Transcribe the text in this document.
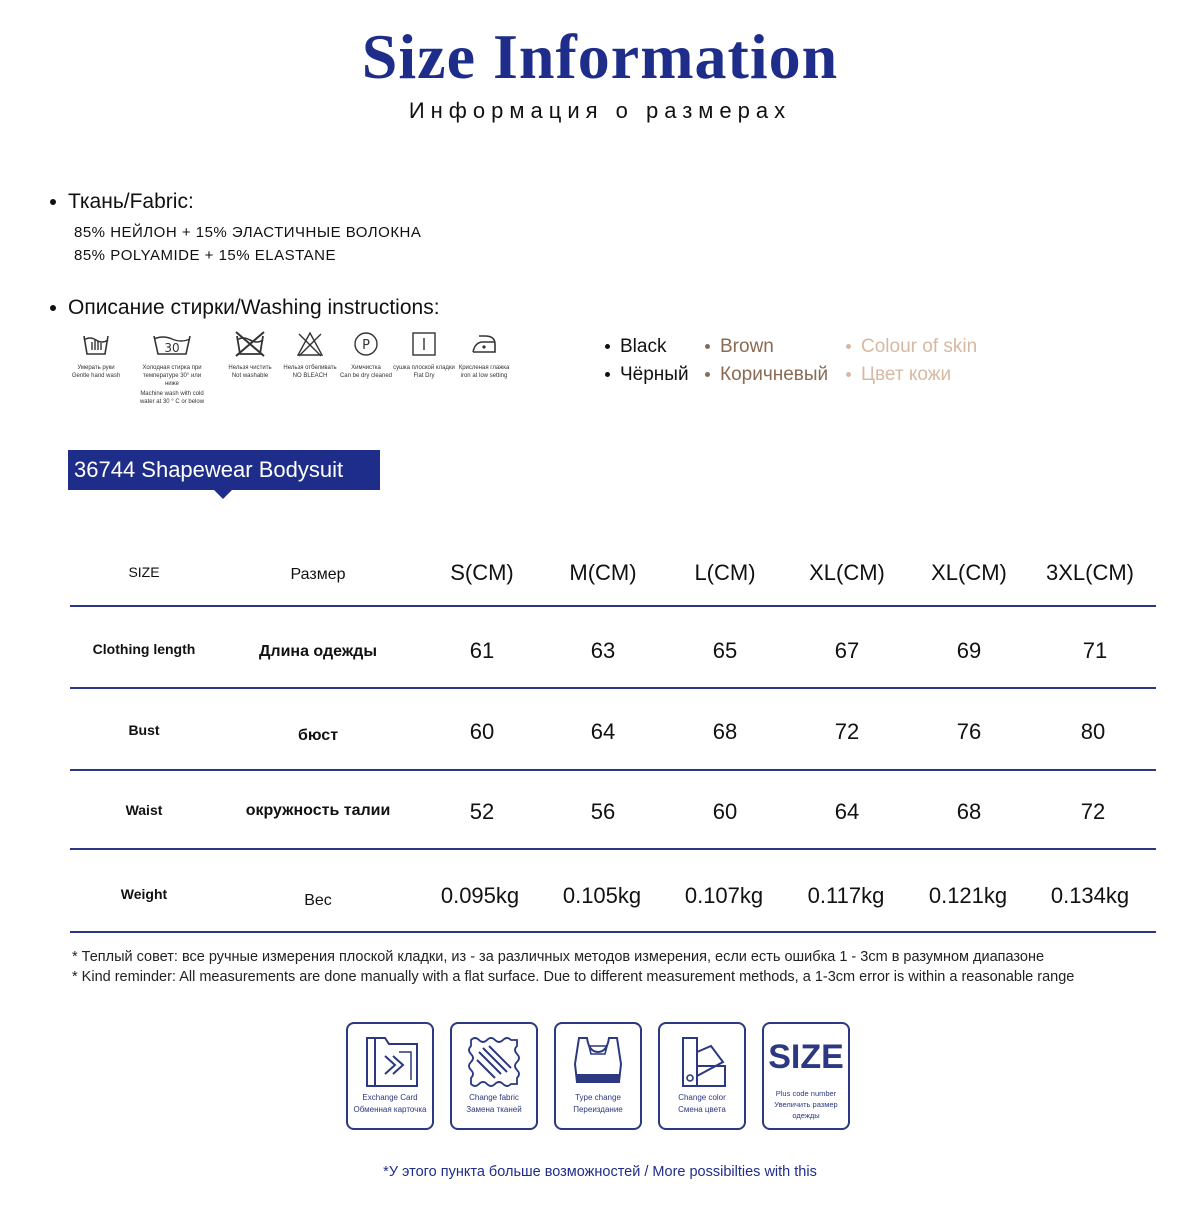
Size Information
Информация о размерах
Ткань/Fabric:
85% НЕЙЛОН + 15% ЭЛАСТИЧНЫЕ ВОЛОКНА
85% POLYAMIDE + 15% ELASTANE
Описание стирки/Washing instructions:
Умерать руки
Gentle hand wash
30
Холодная стирка при температуре 30° или ниже
Machine wash with cold water at 30 ° C or below
Нельзя чистить
Not washable
Нельзя отбеливать
NO BLEACH
P
Химчистка
Can be dry cleaned
сушка плоской кладки
Flat Dry
Крисленая глажка
iron at low setting
Black
Чёрный
Brown
Коричневый
Colour of skin
Цвет кожи
36744 Shapewear Bodysuit
SIZE	Размер	S(CM)	M(CM)	L(CM)	XL(CM)	XL(CM)	3XL(CM)
Clothing length	Длина одежды	61	63	65	67	69	71
Bust	бюст	60	64	68	72	76	80
Waist	окружность талии	52	56	60	64	68	72
Weight	Вес	0.095kg	0.105kg	0.107kg	0.117kg	0.121kg	0.134kg
* Теплый совет: все ручные измерения плоской кладки, из - за различных методов измерения, если есть ошибка 1 - 3cm в разумном диапазоне
* Kind reminder: All measurements are done manually with a flat surface. Due to different measurement methods, a 1-3cm error is within a reasonable range
Exchange Card
Обменная карточка
Change fabric
Замена тканей
Type change
Переиздание
Change color
Смена цвета
SIZE
Plus code number
Увеличить размер одежды
*У этого пункта больше возможностей / More possibilties with this
